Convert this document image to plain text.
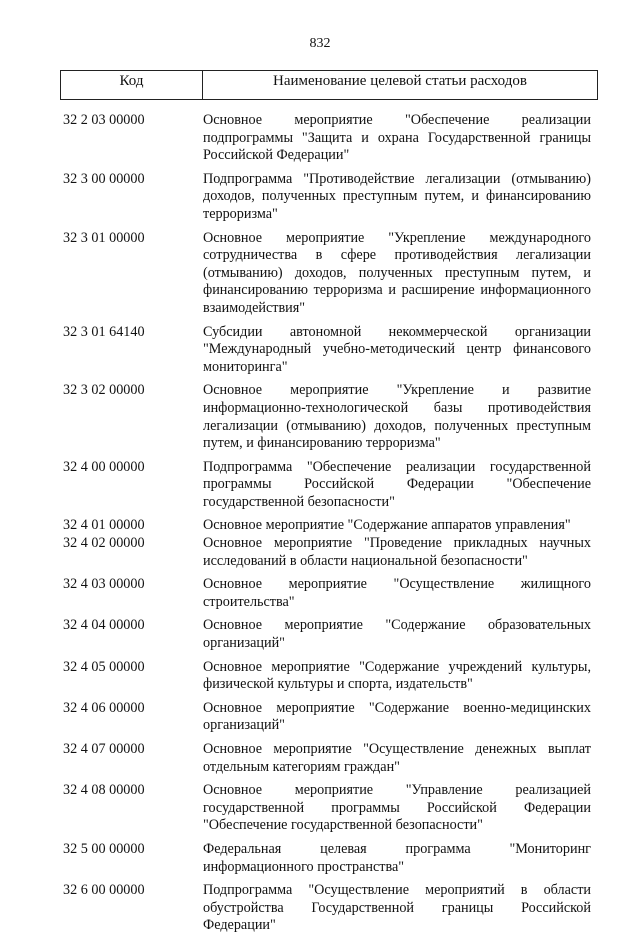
832
Код	Наименование целевой статьи расходов
32 2 03 00000	Основное мероприятие "Обеспечение реализации подпрограммы "Защита и охрана Государственной границы Российской Федерации"
32 3 00 00000	Подпрограмма "Противодействие легализации (отмыванию) доходов, полученных преступным путем, и финансированию терроризма"
32 3 01 00000	Основное мероприятие "Укрепление международного сотрудничества в сфере противодействия легализации (отмыванию) доходов, полученных преступным путем, и финансированию терроризма и расширение информационного взаимодействия"
32 3 01 64140	Субсидии автономной некоммерческой организации "Международный учебно-методический центр финансового мониторинга"
32 3 02 00000	Основное мероприятие "Укрепление и развитие информационно-технологической базы противодействия легализации (отмыванию) доходов, полученных преступным путем, и финансированию терроризма"
32 4 00 00000	Подпрограмма "Обеспечение реализации государственной программы Российской Федерации "Обеспечение государственной безопасности"
32 4 01 00000	Основное мероприятие "Содержание аппаратов управления"
32 4 02 00000	Основное мероприятие "Проведение прикладных научных исследований в области национальной безопасности"
32 4 03 00000	Основное мероприятие "Осуществление жилищного строительства"
32 4 04 00000	Основное мероприятие "Содержание образовательных организаций"
32 4 05 00000	Основное мероприятие "Содержание учреждений культуры, физической культуры и спорта, издательств"
32 4 06 00000	Основное мероприятие "Содержание военно-медицинских организаций"
32 4 07 00000	Основное мероприятие "Осуществление денежных выплат отдельным категориям граждан"
32 4 08 00000	Основное мероприятие "Управление реализацией государственной программы Российской Федерации "Обеспечение государственной безопасности"
32 5 00 00000	Федеральная целевая программа "Мониторинг информационного пространства"
32 6 00 00000	Подпрограмма "Осуществление мероприятий в области обустройства Государственной границы Российской Федерации"
